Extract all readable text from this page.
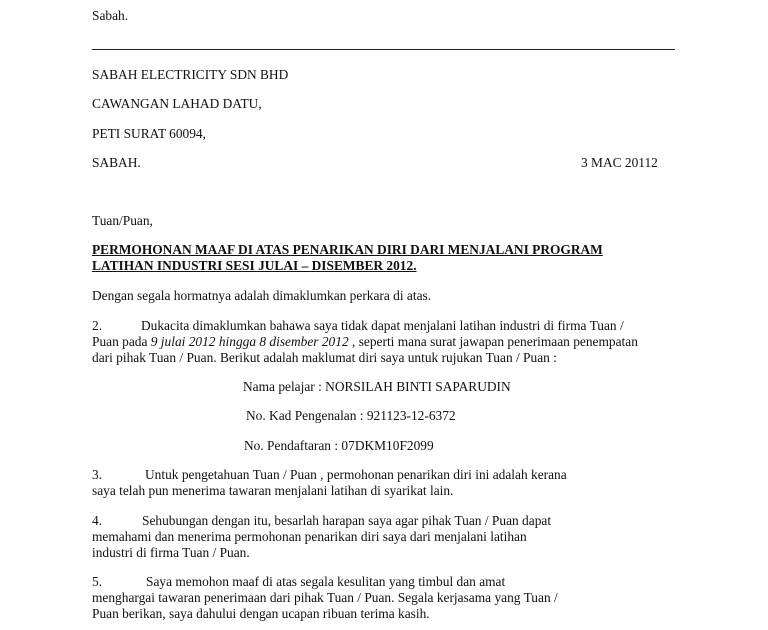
Sabah.
SABAH ELECTRICITY SDN BHD
CAWANGAN LAHAD DATU,
PETI SURAT 60094,
SABAH.	3 MAC 20112
Tuan/Puan,
PERMOHONAN MAAF DI ATAS PENARIKAN DIRI DARI MENJALANI PROGRAM
LATIHAN INDUSTRI SESI JULAI – DISEMBER 2012.
Dengan segala hormatnya adalah dimaklumkan perkara di atas.
2.	Dukacita dimaklumkan bahawa saya tidak dapat menjalani latihan industri di firma Tuan /
Puan pada 9 julai 2012 hingga 8 disember 2012 , seperti mana surat jawapan penerimaan penempatan
dari pihak Tuan / Puan. Berikut adalah maklumat diri saya untuk rujukan Tuan / Puan :
Nama pelajar : NORSILAH BINTI SAPARUDIN
No. Kad Pengenalan : 921123-12-6372
No. Pendaftaran : 07DKM10F2099
3.	Untuk pengetahuan Tuan / Puan , permohonan penarikan diri ini adalah kerana
saya telah pun menerima tawaran menjalani latihan di syarikat lain.
4.	Sehubungan dengan itu, besarlah harapan saya agar pihak Tuan / Puan dapat
memahami dan menerima permohonan penarikan diri saya dari menjalani latihan
industri di firma Tuan / Puan.
5.	Saya memohon maaf di atas segala kesulitan yang timbul dan amat
menghargai tawaran penerimaan dari pihak Tuan / Puan. Segala kerjasama yang Tuan /
Puan berikan, saya dahului dengan ucapan ribuan terima kasih.
